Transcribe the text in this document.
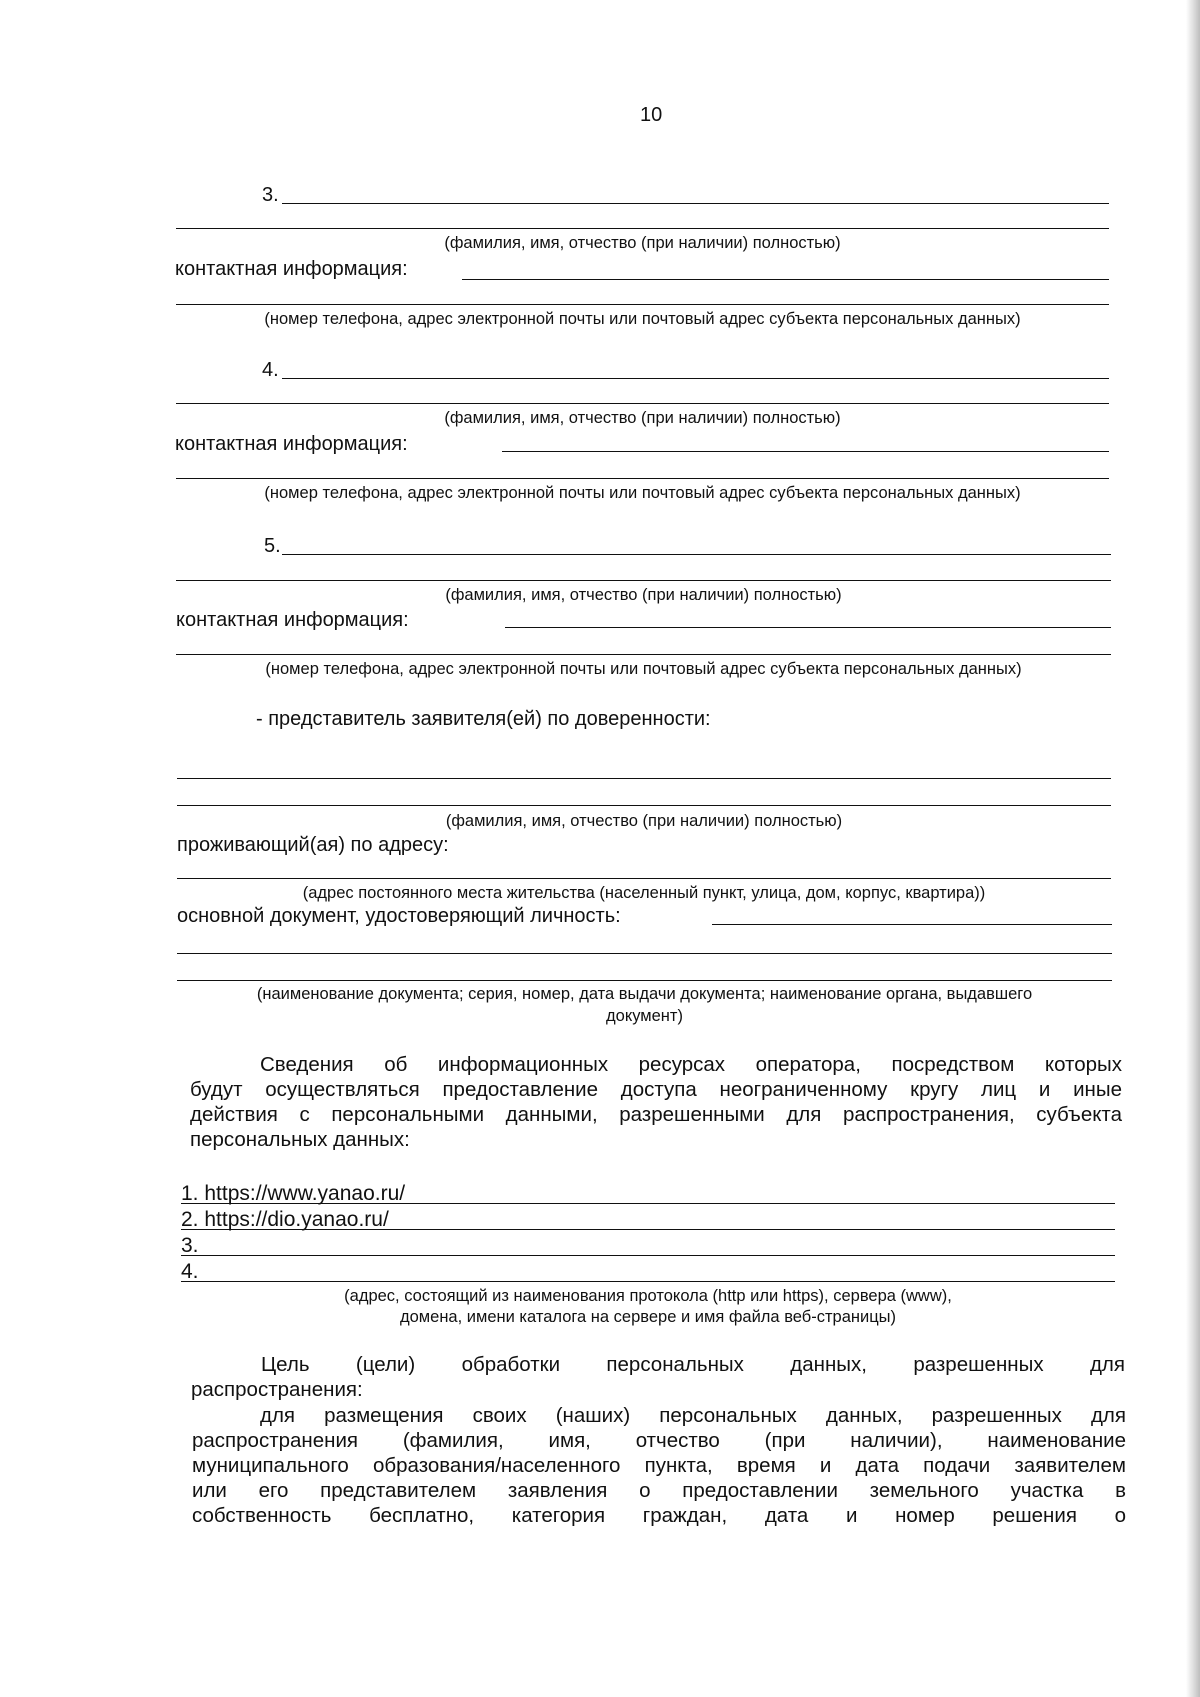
10
3.
(фамилия, имя, отчество (при наличии) полностью)
контактная информация:
(номер телефона, адрес электронной почты или почтовый адрес субъекта персональных данных)
4.
(фамилия, имя, отчество (при наличии) полностью)
контактная информация:
(номер телефона, адрес электронной почты или почтовый адрес субъекта персональных данных)
5.
(фамилия, имя, отчество (при наличии) полностью)
контактная информация:
(номер телефона, адрес электронной почты или почтовый адрес субъекта персональных данных)
- представитель заявителя(ей) по доверенности:
(фамилия, имя, отчество (при наличии) полностью)
проживающий(ая) по адресу:
(адрес постоянного места жительства (населенный пункт, улица, дом, корпус, квартира))
основной документ, удостоверяющий личность:
(наименование документа; серия, номер, дата выдачи документа; наименование органа, выдавшего
документ)
Сведения об информационных ресурсах оператора, посредством которых
будут осуществляться предоставление доступа неограниченному кругу лиц и иные
действия с персональными данными, разрешенными для распространения, субъекта
персональных данных:
1. https://www.yanao.ru/
2. https://dio.yanao.ru/
3.
4.
(адрес, состоящий из наименования протокола (http или https), сервера (www),
домена, имени каталога на сервере и имя файла веб-страницы)
Цель (цели) обработки персональных данных, разрешенных для
распространения:
для размещения своих (наших) персональных данных, разрешенных для
распространения (фамилия, имя, отчество (при наличии), наименование
муниципального образования/населенного пункта, время и дата подачи заявителем
или его представителем заявления о предоставлении земельного участка в
собственность бесплатно, категория граждан, дата и номер решения о
